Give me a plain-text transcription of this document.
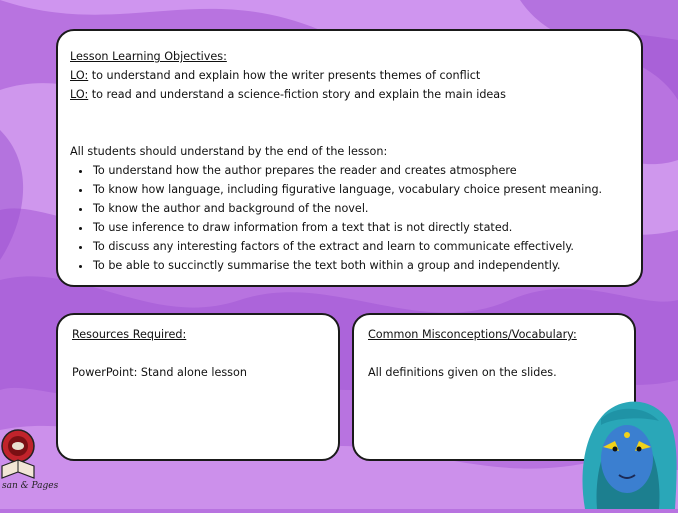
Lesson Learning Objectives:
LO: to understand and explain how the writer presents themes of conflict
LO: to read and understand a science-fiction story and explain the main ideas
All students should understand by the end of the lesson:
• To understand how the author prepares the reader and creates atmosphere
• To know how language, including figurative language, vocabulary choice present meaning.
• To know the author and background of the novel.
• To use inference to draw information from a text that is not directly stated.
• To discuss any interesting factors of the extract and learn to communicate effectively.
• To be able to succinctly summarise the text both within a group and independently.
Resources Required:
PowerPoint: Stand alone lesson
Common Misconceptions/Vocabulary:
All definitions given on the slides.
san & Pages
